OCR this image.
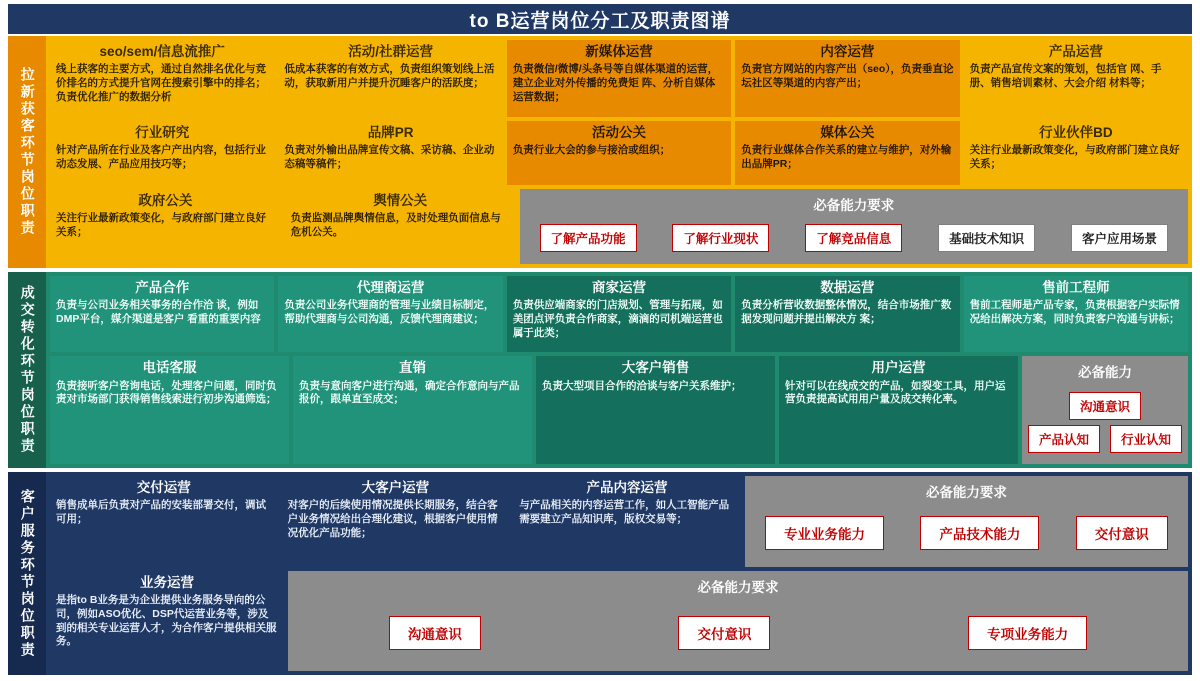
to B运营岗位分工及职责图谱
拉新获客环节岗位职责
seo/sem/信息流推广
线上获客的主要方式，通过自然排名优化与竞价排名的方式提升官网在搜索引擎中的排名；负责优化推广的数据分析
活动/社群运营
低成本获客的有效方式，负责组织策划线上活动，获取新用户并提升沉睡客户的活跃度；
新媒体运营
负责微信/微博/头条号等自媒体渠道的运营，建立企业对外传播的免费矩 阵、分析自媒体运营数据；
内容运营
负责官方网站的内容产出（seo），负责垂直论坛社区等渠道的内容产出；
产品运营
负责产品宣传文案的策划，包括官 网、手册、销售培训素材、大会介绍 材料等；
行业研究
针对产品所在行业及客户产出内容，包括行业动态发展、产品应用技巧等；
品牌PR
负责对外输出品牌宣传文稿、采访稿、企业动态稿等稿件；
活动公关
负责行业大会的参与接洽或组织；
媒体公关
负责行业媒体合作关系的建立与维护，对外输出品牌PR；
行业伙伴BD
关注行业最新政策变化，与政府部门建立良好关系；
政府公关
关注行业最新政策变化，与政府部门建立良好关系；
舆情公关
负责监测品牌舆情信息，及时处理负面信息与危机公关。
必备能力要求
了解产品功能	了解行业现状	了解竞品信息	基础技术知识	客户应用场景
成交转化环节岗位职责	产品合作
负责与公司业务相关事务的合作洽 谈，例如DMP平台，媒介渠道是客户 看重的重要内容
代理商运营
负责公司业务代理商的管理与业绩目标制定，帮助代理商与公司沟通，反馈代理商建议；
商家运营
负责供应端商家的门店规划、管理与拓展，如美团点评负责合作商家，滴滴的司机端运营也属于此类；
数据运营
负责分析营收数据整体情况，结合市场推广数据发现问题并提出解决方 案；
售前工程师
售前工程师是产品专家，负责根据客户实际情况给出解决方案，同时负责客户沟通与讲标；
电话客服
负责接听客户咨询电话，处理客户问题，同时负责对市场部门获得销售线索进行初步沟通筛选；
直销
负责与意向客户进行沟通，确定合作意向与产品报价，跟单直至成交；
大客户销售
负责大型项目合作的洽谈与客户关系维护；
用户运营
针对可以在线成交的产品，如裂变工具，用户运营负责提高试用用户量及成交转化率。
必备能力
沟通意识
产品认知	行业认知
客户服务环节岗位职责
交付运营
销售成单后负责对产品的安装部署交付，调试可用；
大客户运营
对客户的后续使用情况提供长期服务，结合客户业务情况给出合理化建议，根据客户使用情况优化产品功能；
产品内容运营
与产品相关的内容运营工作，如人工智能产品需要建立产品知识库，版权交易等；
必备能力要求
专业业务能力	产品技术能力	交付意识
业务运营
是指to B业务是为企业提供业务服务导向的公司，例如ASO优化、DSP代运营业务等，涉及到的相关专业运营人才，为合作客户提供相关服务。
必备能力要求
沟通意识	交付意识	专项业务能力
